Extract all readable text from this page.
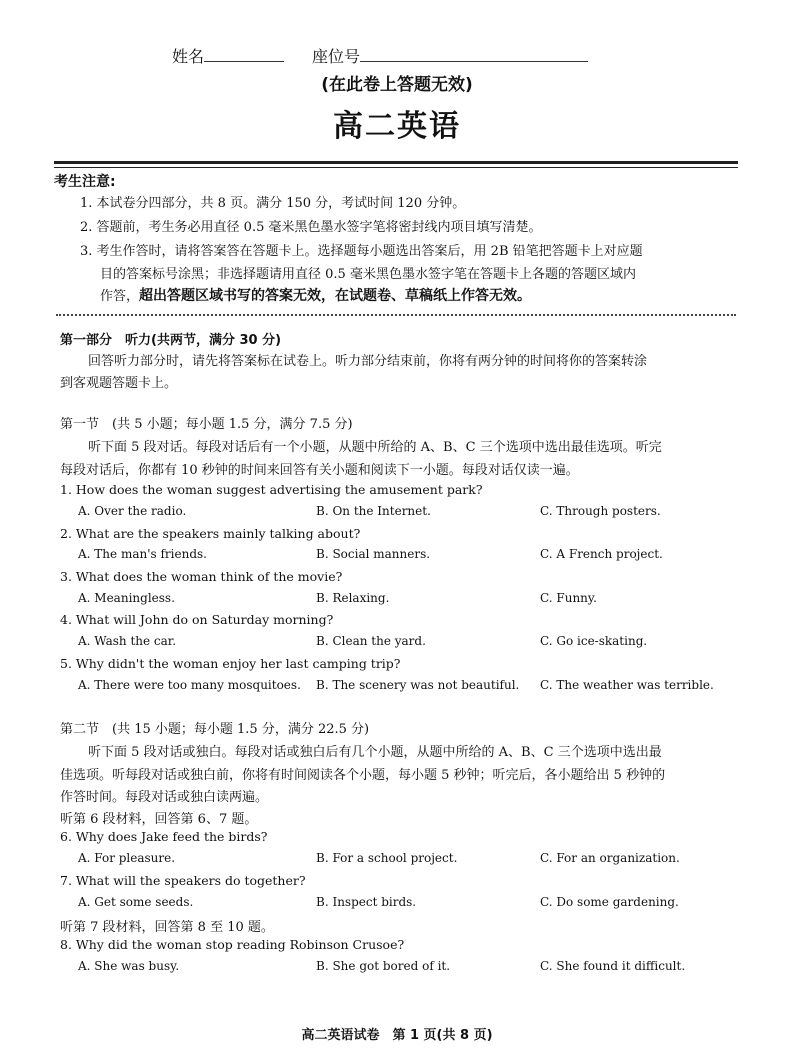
姓名	座位号
(在此卷上答题无效)
高二英语
考生注意:
1. 本试卷分四部分，共 8 页。满分 150 分，考试时间 120 分钟。
2. 答题前，考生务必用直径 0.5 毫米黑色墨水签字笔将密封线内项目填写清楚。
3. 考生作答时，请将答案答在答题卡上。选择题每小题选出答案后，用 2B 铅笔把答题卡上对应题
目的答案标号涂黑；非选择题请用直径 0.5 毫米黑色墨水签字笔在答题卡上各题的答题区域内
作答，超出答题区域书写的答案无效，在试题卷、草稿纸上作答无效。
第一部分　听力(共两节，满分 30 分)
回答听力部分时，请先将答案标在试卷上。听力部分结束前，你将有两分钟的时间将你的答案转涂
到客观题答题卡上。
第一节　(共 5 小题；每小题 1.5 分，满分 7.5 分)
听下面 5 段对话。每段对话后有一个小题，从题中所给的 A、B、C 三个选项中选出最佳选项。听完
每段对话后，你都有 10 秒钟的时间来回答有关小题和阅读下一小题。每段对话仅读一遍。
1. How does the woman suggest advertising the amusement park?
A. Over the radio.	B. On the Internet.	C. Through posters.
2. What are the speakers mainly talking about?
A. The man's friends.	B. Social manners.	C. A French project.
3. What does the woman think of the movie?
A. Meaningless.	B. Relaxing.	C. Funny.
4. What will John do on Saturday morning?
A. Wash the car.	B. Clean the yard.	C. Go ice-skating.
5. Why didn't the woman enjoy her last camping trip?
A. There were too many mosquitoes. B. The scenery was not beautiful. C. The weather was terrible.
第二节　(共 15 小题；每小题 1.5 分，满分 22.5 分)
听下面 5 段对话或独白。每段对话或独白后有几个小题，从题中所给的 A、B、C 三个选项中选出最
佳选项。听每段对话或独白前，你将有时间阅读各个小题，每小题 5 秒钟；听完后，各小题给出 5 秒钟的
作答时间。每段对话或独白读两遍。
听第 6 段材料，回答第 6、7 题。
6. Why does Jake feed the birds?
A. For pleasure.	B. For a school project.	C. For an organization.
7. What will the speakers do together?
A. Get some seeds.	B. Inspect birds.	C. Do some gardening.
听第 7 段材料，回答第 8 至 10 题。
8. Why did the woman stop reading Robinson Crusoe?
A. She was busy.	B. She got bored of it.	C. She found it difficult.
高二英语试卷　第 1 页(共 8 页)
